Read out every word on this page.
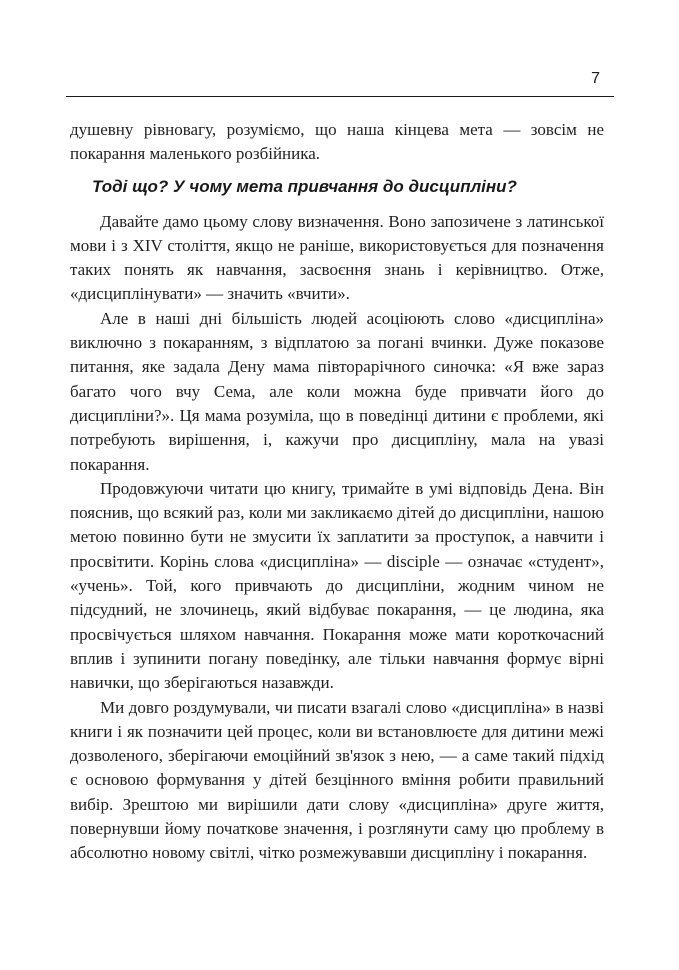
7

душевну рівновагу, розуміємо, що наша кінцева мета — зовсім не покарання маленького розбійника.

Тоді що? У чому мета привчання до дисципліни?

Давайте дамо цьому слову визначення. Воно запозичене з латинської мови і з XIV століття, якщо не раніше, використовується для позначення таких понять як навчання, засвоєння знань і керівництво. Отже, «дисциплінувати» — значить «вчити».

Але в наші дні більшість людей асоціюють слово «дисципліна» виключно з покаранням, з відплатою за погані вчинки. Дуже показове питання, яке задала Дену мама півторарічного синочка: «Я вже зараз багато чого вчу Сема, але коли можна буде привчати його до дисципліни?». Ця мама розуміла, що в поведінці дитини є проблеми, які потребують вирішення, і, кажучи про дисципліну, мала на увазі покарання.

Продовжуючи читати цю книгу, тримайте в умі відповідь Дена. Він пояснив, що всякий раз, коли ми закликаємо дітей до дисципліни, нашою метою повинно бути не змусити їх заплатити за проступок, а навчити і просвітити. Корінь слова «дисципліна» — disciple — означає «студент», «учень». Той, кого привчають до дисципліни, жодним чином не підсудний, не злочинець, який відбуває покарання, — це людина, яка просвічується шляхом навчання. Покарання може мати короткочасний вплив і зупинити погану поведінку, але тільки навчання формує вірні навички, що зберігаються назавжди.

Ми довго роздумували, чи писати взагалі слово «дисципліна» в назві книги і як позначити цей процес, коли ви встановлюєте для дитини межі дозволеного, зберігаючи емоційний зв'язок з нею, — а саме такий підхід є основою формування у дітей безцінного вміння робити правильний вибір. Зрештою ми вирішили дати слову «дисципліна» друге життя, повернувши йому початкове значення, і розглянути саму цю проблему в абсолютно новому світлі, чітко розмежувавши дисципліну і покарання.
